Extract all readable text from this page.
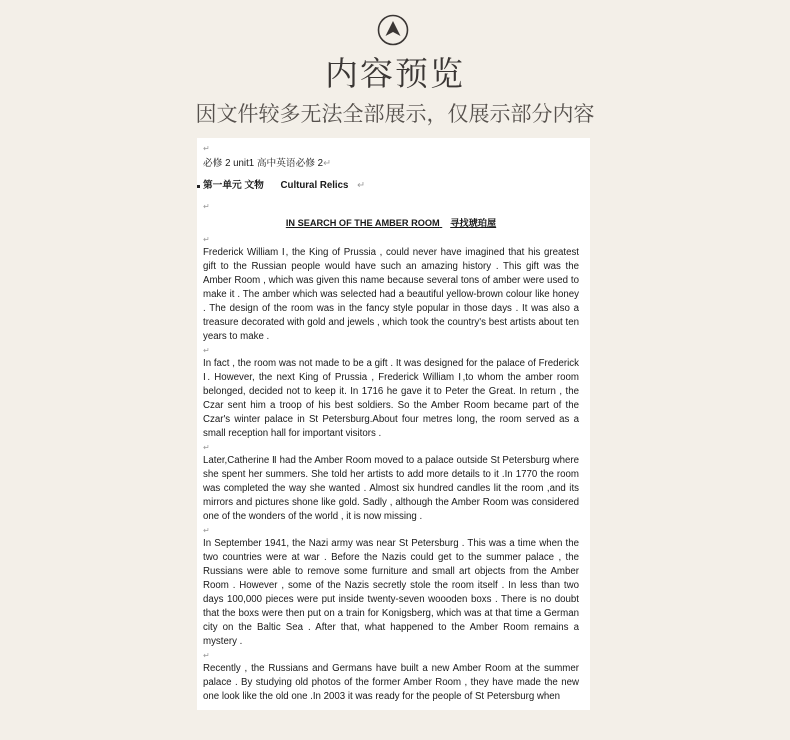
内容预览
因文件较多无法全部展示，仅展示部分内容
↵
必修 2 unit1 高中英语必修 2↵
第一单元 文物 Cultural Relics ↵
↵
IN SEARCH OF THE AMBER ROOM 寻找琥珀屋
↵

Frederick William Ⅰ, the King of Prussia , could never have imagined that his greatest gift to the Russian people would have such an amazing history . This gift was the Amber Room , which was given this name because several tons of amber were used to make it . The amber which was selected had a beautiful yellow-brown colour like honey . The design of the room was in the fancy style popular in those days . It was also a treasure decorated with gold and jewels , which took the country's best artists about ten years to make .

↵

In fact , the room was not made to be a gift . It was designed for the palace of Frederick Ⅰ. However, the next King of Prussia , Frederick William Ⅰ,to whom the amber room belonged, decided not to keep it. In 1716 he gave it to Peter the Great. In return , the Czar sent him a troop of his best soldiers. So the Amber Room became part of the Czar's winter palace in St Petersburg.About four metres long, the room served as a small reception hall for important visitors .

↵

Later,Catherine Ⅱ had the Amber Room moved to a palace outside St Petersburg where she spent her summers. She told her artists to add more details to it .In 1770 the room was completed the way she wanted . Almost six hundred candles lit the room ,and its mirrors and pictures shone like gold. Sadly , although the Amber Room was considered one of the wonders of the world , it is now missing .

↵

In September 1941, the Nazi army was near St Petersburg . This was a time when the two countries were at war . Before the Nazis could get to the summer palace , the Russians were able to remove some furniture and small art objects from the Amber Room . However , some of the Nazis secretly stole the room itself . In less than two days 100,000 pieces were put inside twenty-seven woooden boxs . There is no doubt that the boxs were then put on a train for Konigsberg, which was at that time a German city on the Baltic Sea . After that, what happened to the Amber Room remains a mystery .

↵

Recently , the Russians and Germans have built a new Amber Room at the summer palace . By studying old photos of the former Amber Room , they have made the new one look like the old one .In 2003 it was ready for the people of St Petersburg when
